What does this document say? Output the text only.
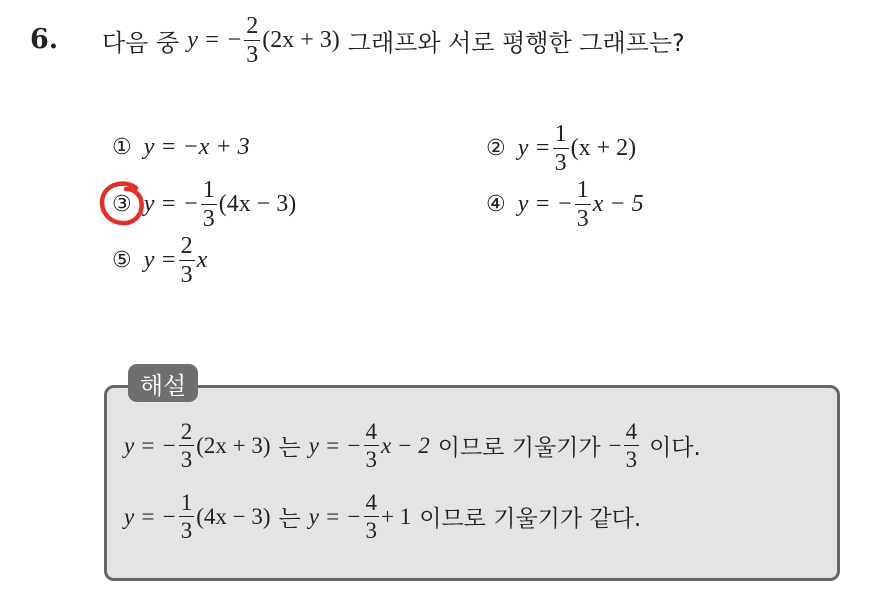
6. 다음 중 y = − $\frac{2}{3} (2x + 3)$ 그래프와 서로 평행한 그래프는?
① y = −x + 3	② $y = \frac{1}{3} (x + 2)$
③ y = − $\frac{1}{3} (4x - 3)$	④ y = − $\frac{1}{3}$ x − 5
⑤ $y = \frac{2}{3}$ x
해설
y = − $\frac{2}{3} (2x + 3)$ 는 y = − $\frac{4}{3}$ x − 2 이므로 기울기가 − $\frac{4}{3}$ 이다.
y = − $\frac{1}{3} (4x - 3)$ 는 y = − $\frac{4}{3} + 1$ 이므로 기울기가 같다.
